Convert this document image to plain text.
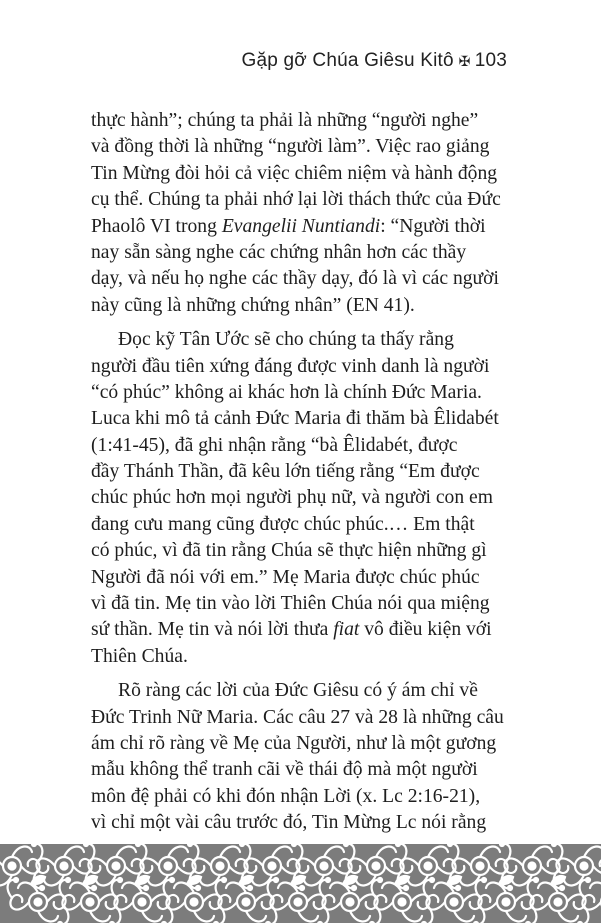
Gặp gỡ Chúa Giêsu Kitô ✠ 103
thực hành”; chúng ta phải là những “người nghe”
và đồng thời là những “người làm”. Việc rao giảng
Tin Mừng đòi hỏi cả việc chiêm niệm và hành động
cụ thể. Chúng ta phải nhớ lại lời thách thức của Đức
Phaolô VI trong Evangelii Nuntiandi: “Người thời
nay sẵn sàng nghe các chứng nhân hơn các thầy
dạy, và nếu họ nghe các thầy dạy, đó là vì các người
này cũng là những chứng nhân” (EN 41).
Đọc kỹ Tân Ước sẽ cho chúng ta thấy rằng
người đầu tiên xứng đáng được vinh danh là người
“có phúc” không ai khác hơn là chính Đức Maria.
Luca khi mô tả cảnh Đức Maria đi thăm bà Êlidabét
(1:41-45), đã ghi nhận rằng “bà Êlidabét, được
đầy Thánh Thần, đã kêu lớn tiếng rằng “Em được
chúc phúc hơn mọi người phụ nữ, và người con em
đang cưu mang cũng được chúc phúc.… Em thật
có phúc, vì đã tin rằng Chúa sẽ thực hiện những gì
Người đã nói với em.” Mẹ Maria được chúc phúc
vì đã tin. Mẹ tin vào lời Thiên Chúa nói qua miệng
sứ thần. Mẹ tin và nói lời thưa fiat vô điều kiện với
Thiên Chúa.
Rõ ràng các lời của Đức Giêsu có ý ám chỉ về
Đức Trinh Nữ Maria. Các câu 27 và 28 là những câu
ám chỉ rõ ràng về Mẹ của Người, như là một gương
mẫu không thể tranh cãi về thái độ mà một người
môn đệ phải có khi đón nhận Lời (x. Lc 2:16-21),
vì chỉ một vài câu trước đó, Tin Mừng Lc nói rằng
